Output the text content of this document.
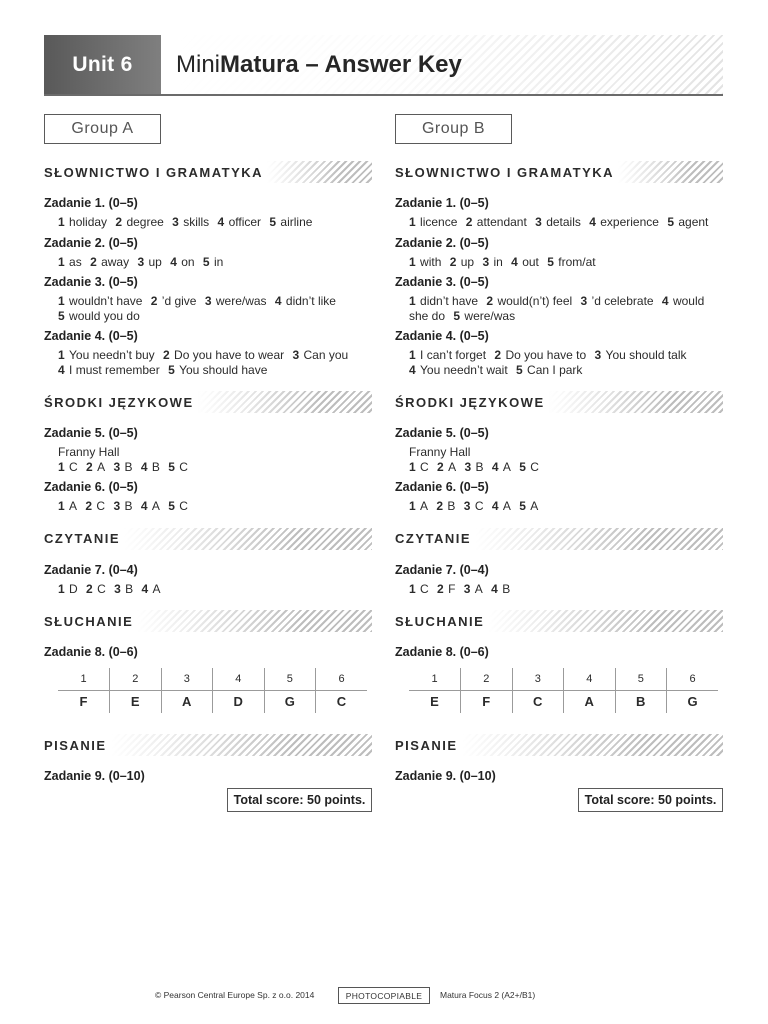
Unit 6	MiniMatura – Answer Key
Group A
SŁOWNICTWO I GRAMATYKA
Zadanie 1. (0–5)
1 holiday 2 degree 3 skills 4 officer 5 airline
Zadanie 2. (0–5)
1 as 2 away 3 up 4 on 5 in
Zadanie 3. (0–5)
1 wouldn’t have 2 ’d give 3 were/was 4 didn’t like 5 would you do
Zadanie 4. (0–5)
1 You needn’t buy 2 Do you have to wear 3 Can you 4 I must remember 5 You should have
ŚRODKI JĘZYKOWE
Zadanie 5. (0–5)
Franny Hall
1 C 2 A 3 B 4 B 5 C
Zadanie 6. (0–5)
1 A 2 C 3 B 4 A 5 C
CZYTANIE
Zadanie 7. (0–4)
1 D 2 C 3 B 4 A
SŁUCHANIE
Zadanie 8. (0–6)
1	2	3	4	5	6
F	E	A	D	G	C
PISANIE
Zadanie 9. (0–10)
Total score: 50 points.
Group B
SŁOWNICTWO I GRAMATYKA
Zadanie 1. (0–5)
1 licence 2 attendant 3 details 4 experience 5 agent
Zadanie 2. (0–5)
1 with 2 up 3 in 4 out 5 from/at
Zadanie 3. (0–5)
1 didn’t have 2 would(n’t) feel 3 ’d celebrate 4 would she do 5 were/was
Zadanie 4. (0–5)
1 I can’t forget 2 Do you have to 3 You should talk 4 You needn’t wait 5 Can I park
ŚRODKI JĘZYKOWE
Zadanie 5. (0–5)
Franny Hall
1 C 2 A 3 B 4 A 5 C
Zadanie 6. (0–5)
1 A 2 B 3 C 4 A 5 A
CZYTANIE
Zadanie 7. (0–4)
1 C 2 F 3 A 4 B
SŁUCHANIE
Zadanie 8. (0–6)
1	2	3	4	5	6
E	F	C	A	B	G
PISANIE
Zadanie 9. (0–10)
Total score: 50 points.
© Pearson Central Europe Sp. z o.o. 2014	PHOTOCOPIABLE	Matura Focus 2 (A2+/B1)
